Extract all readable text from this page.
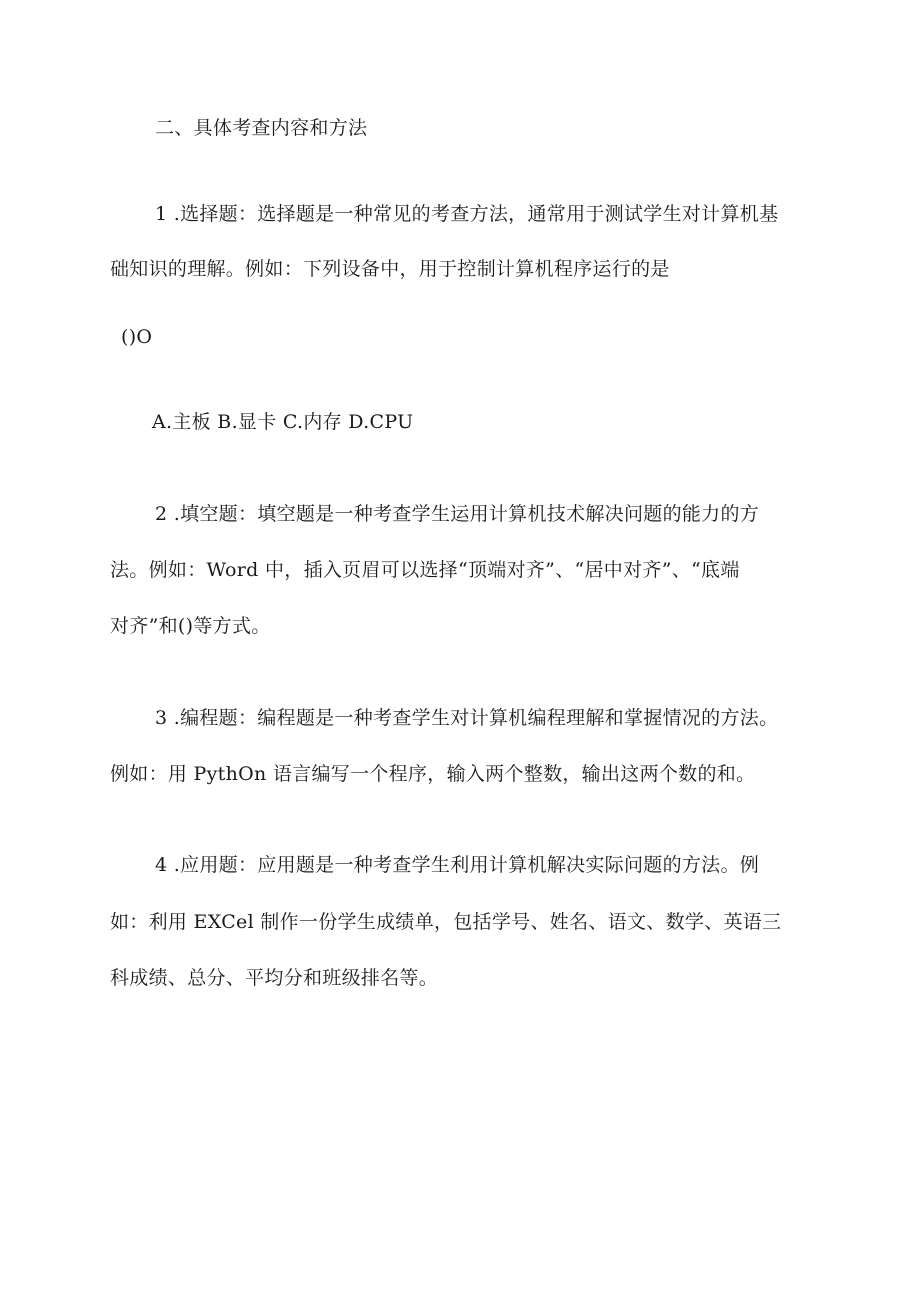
二、具体考查内容和方法
1 .选择题：选择题是一种常见的考查方法，通常用于测试学生对计算机基
础知识的理解。例如：下列设备中，用于控制计算机程序运行的是
()O
A.主板 B.显卡 C.内存 D.CPU
2 .填空题：填空题是一种考查学生运用计算机技术解决问题的能力的方
法。例如：Word 中，插入页眉可以选择“顶端对齐”、“居中对齐”、“底端
对齐”和()等方式。
3 .编程题：编程题是一种考查学生对计算机编程理解和掌握情况的方法。
例如：用 PythOn 语言编写一个程序，输入两个整数，输出这两个数的和。
4 .应用题：应用题是一种考查学生利用计算机解决实际问题的方法。例
如：利用 EXCel 制作一份学生成绩单，包括学号、姓名、语文、数学、英语三
科成绩、总分、平均分和班级排名等。
